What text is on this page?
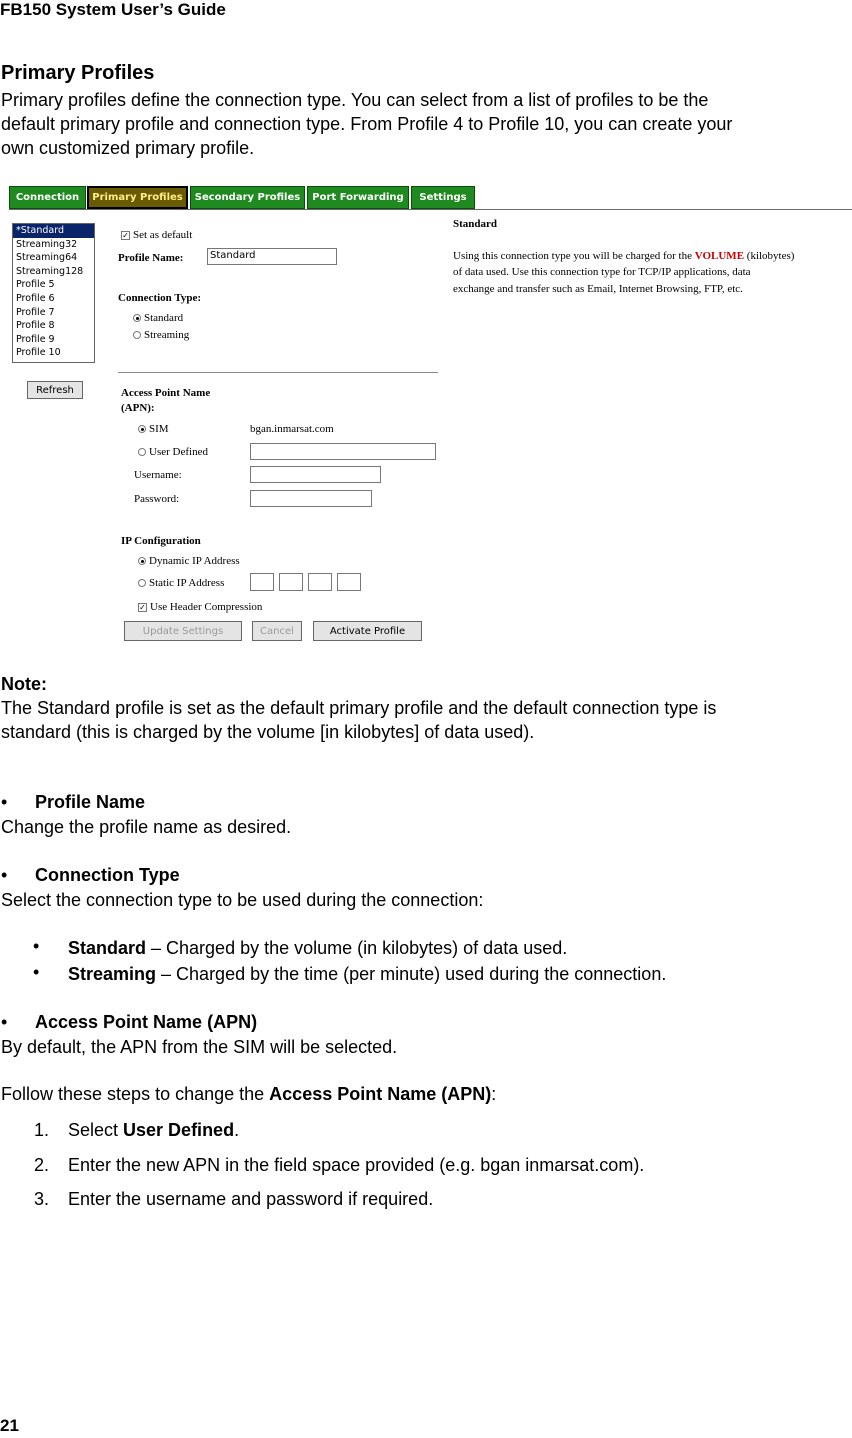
FB150 System User’s Guide
Primary Profiles
Primary profiles define the connection type. You can select from a list of profiles to be the
default primary profile and connection type. From Profile 4 to Profile 10, you can create your
own customized primary profile.
Connection	Primary Profiles	Secondary Profiles	Port Forwarding	Settings
*Standard
Streaming32
Streaming64
Streaming128
Profile 5
Profile 6
Profile 7
Profile 8
Profile 9
Profile 10
Refresh
✓ Set as default
Profile Name:	Standard
Connection Type:
Standard
Streaming
Access Point Name
(APN):
SIM	bgan.inmarsat.com
User Defined
Username:
Password:
IP Configuration
Dynamic IP Address
Static IP Address
✓ Use Header Compression
Update Settings	Cancel	Activate Profile
Standard
Using this connection type you will be charged for the VOLUME (kilobytes)
of data used. Use this connection type for TCP/IP applications, data
exchange and transfer such as Email, Internet Browsing, FTP, etc.
Note:
The Standard profile is set as the default primary profile and the default connection type is
standard (this is charged by the volume [in kilobytes] of data used).
• Profile Name
Change the profile name as desired.
• Connection Type
Select the connection type to be used during the connection:
• Standard – Charged by the volume (in kilobytes) of data used.
• Streaming – Charged by the time (per minute) used during the connection.
• Access Point Name (APN)
By default, the APN from the SIM will be selected.
Follow these steps to change the Access Point Name (APN):
1. Select User Defined.
2. Enter the new APN in the field space provided (e.g. bgan inmarsat.com).
3. Enter the username and password if required.
21
